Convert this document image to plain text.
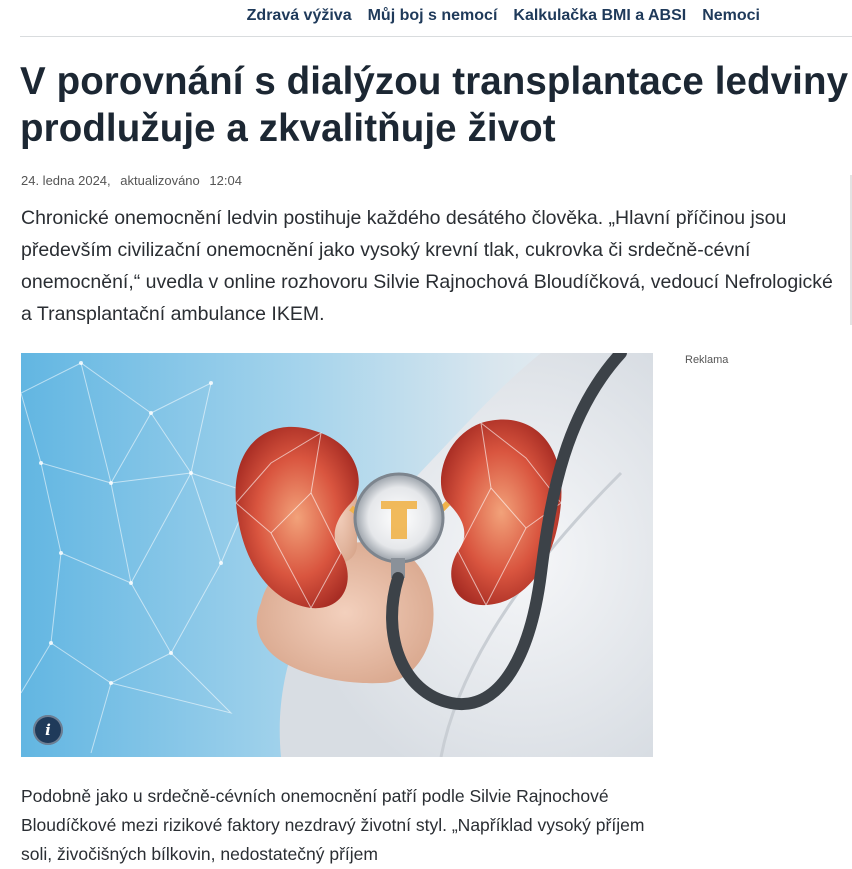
Zdravá výživa Můj boj s nemocí Kalkulačka BMI a ABSI Nemoci
V porovnání s dialýzou transplantace ledviny prodlužuje a zkvalitňuje život
24. ledna 2024, aktualizováno 12:04

Chronické onemocnění ledvin postihuje každého desátého člověka. „Hlavní příčinou jsou především civilizační onemocnění jako vysoký krevní tlak, cukrovka či srdečně-cévní onemocnění,“ uvedla v online rozhovoru Silvie Rajnochová Bloudíčková, vedoucí Nefrologické a Transplantační ambulance IKEM.

i
Reklama

Podobně jako u srdečně-cévních onemocnění patří podle Silvie Rajnochové Bloudíčkové mezi rizikové faktory nezdravý životní styl. „Například vysoký příjem soli, živočišných bílkovin, nedostatečný příjem
